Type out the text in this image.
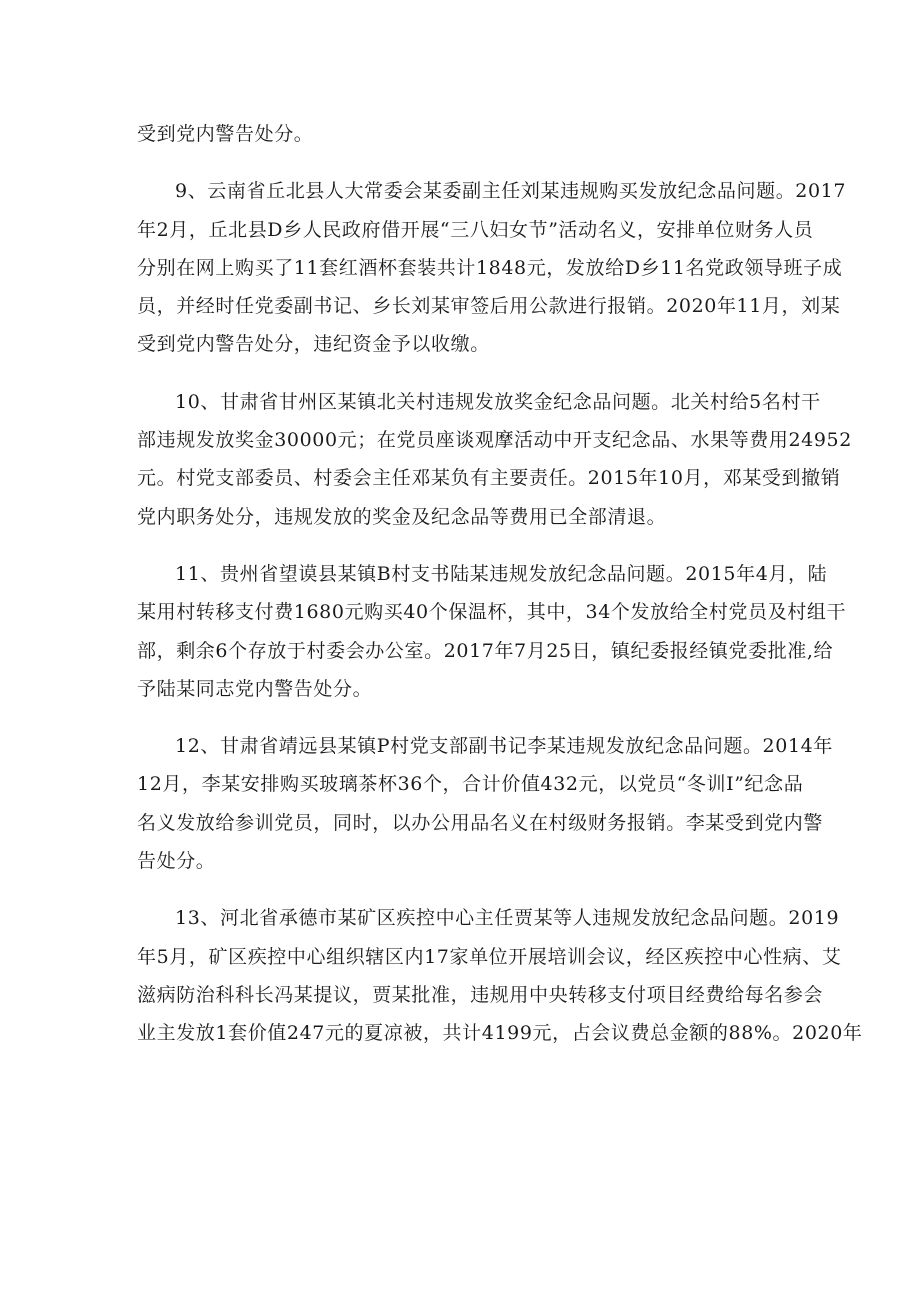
受到党内警告处分。

9、云南省丘北县人大常委会某委副主任刘某违规购买发放纪念品问题。2017
年2月，丘北县D乡人民政府借开展“三八妇女节”活动名义，安排单位财务人员
分别在网上购买了11套红酒杯套装共计1848元，发放给D乡11名党政领导班子成
员，并经时任党委副书记、乡长刘某审签后用公款进行报销。2020年11月，刘某
受到党内警告处分，违纪资金予以收缴。

10、甘肃省甘州区某镇北关村违规发放奖金纪念品问题。北关村给5名村干
部违规发放奖金30000元；在党员座谈观摩活动中开支纪念品、水果等费用24952
元。村党支部委员、村委会主任邓某负有主要责任。2015年10月，邓某受到撤销
党内职务处分，违规发放的奖金及纪念品等费用已全部清退。

11、贵州省望谟县某镇B村支书陆某违规发放纪念品问题。2015年4月，陆
某用村转移支付费1680元购买40个保温杯，其中，34个发放给全村党员及村组干
部，剩余6个存放于村委会办公室。2017年7月25日，镇纪委报经镇党委批准,给
予陆某同志党内警告处分。

12、甘肃省靖远县某镇P村党支部副书记李某违规发放纪念品问题。2014年
12月，李某安排购买玻璃茶杯36个，合计价值432元，以党员“冬训I”纪念品
名义发放给参训党员，同时，以办公用品名义在村级财务报销。李某受到党内警
告处分。

13、河北省承德市某矿区疾控中心主任贾某等人违规发放纪念品问题。2019
年5月，矿区疾控中心组织辖区内17家单位开展培训会议，经区疾控中心性病、艾
滋病防治科科长冯某提议，贾某批准，违规用中央转移支付项目经费给每名参会
业主发放1套价值247元的夏凉被，共计4199元，占会议费总金额的88%。2020年
